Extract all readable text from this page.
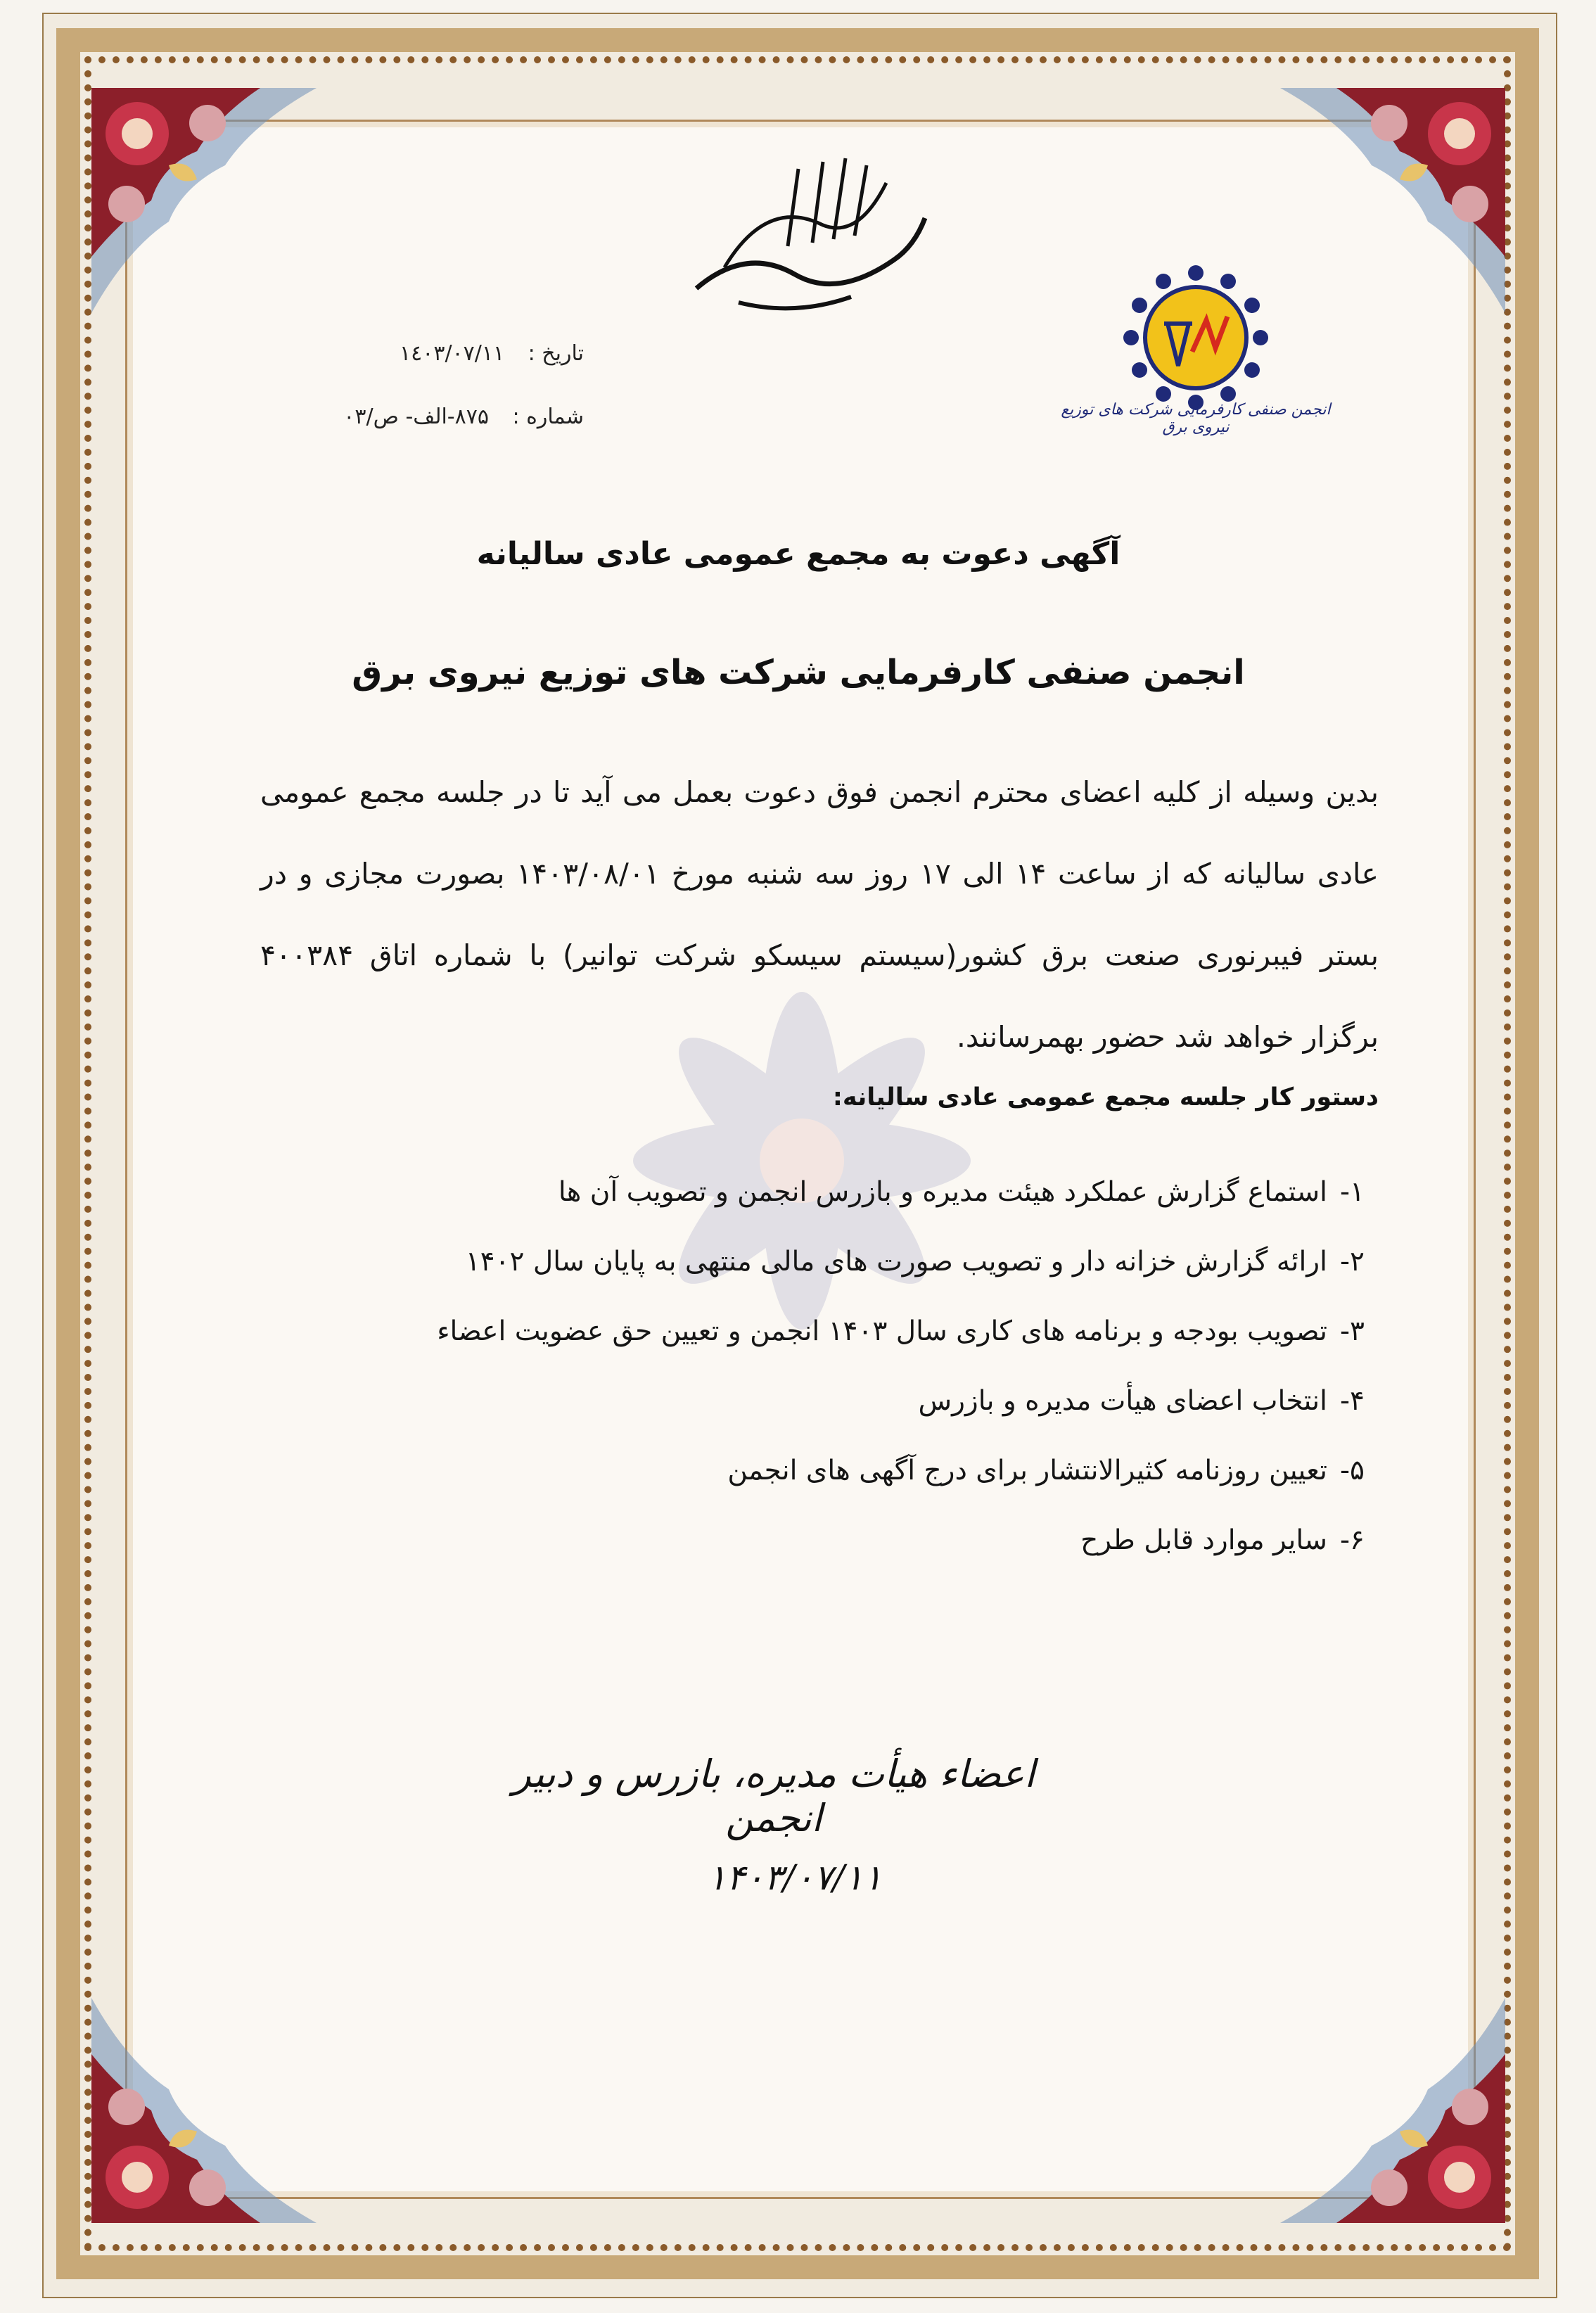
انجمن صنفی کارفرمایی شرکت های توزیع نیروی برق
تاریخ : ١٤٠٣/٠٧/١١
شماره : ٨٧۵-الف- ص/٠٣
آگهی دعوت به مجمع عمومی عادی سالیانه
انجمن صنفی کارفرمایی شرکت های توزیع نیروی برق
بدین وسیله از کلیه اعضای محترم انجمن فوق دعوت بعمل می آید تا در جلسه مجمع عمومی عادی سالیانه که از ساعت ۱۴ الی ۱۷ روز سه شنبه مورخ ۱۴۰۳/۰۸/۰۱ بصورت مجازی و در بستر فیبرنوری صنعت برق کشور(سیستم سیسکو شرکت توانیر) با شماره اتاق ۴۰۰۳۸۴ برگزار خواهد شد حضور بهمرسانند.
دستور کار جلسه مجمع عمومی عادی سالیانه:
۱-استماع گزارش عملکرد هیئت مدیره و بازرس انجمن و تصویب آن ها
۲-ارائه گزارش خزانه دار و تصویب صورت های مالی منتهی به پایان سال ۱۴۰۲
۳-تصویب بودجه و برنامه های کاری سال ۱۴۰۳ انجمن و تعیین حق عضویت اعضاء
۴-انتخاب اعضای هیأت مدیره و بازرس
۵-تعیین روزنامه کثیرالانتشار برای درج آگهی های انجمن
۶-سایر موارد قابل طرح
اعضاء هیأت مدیره، بازرس و دبیر انجمن
۱۴۰۳/۰۷/۱۱
